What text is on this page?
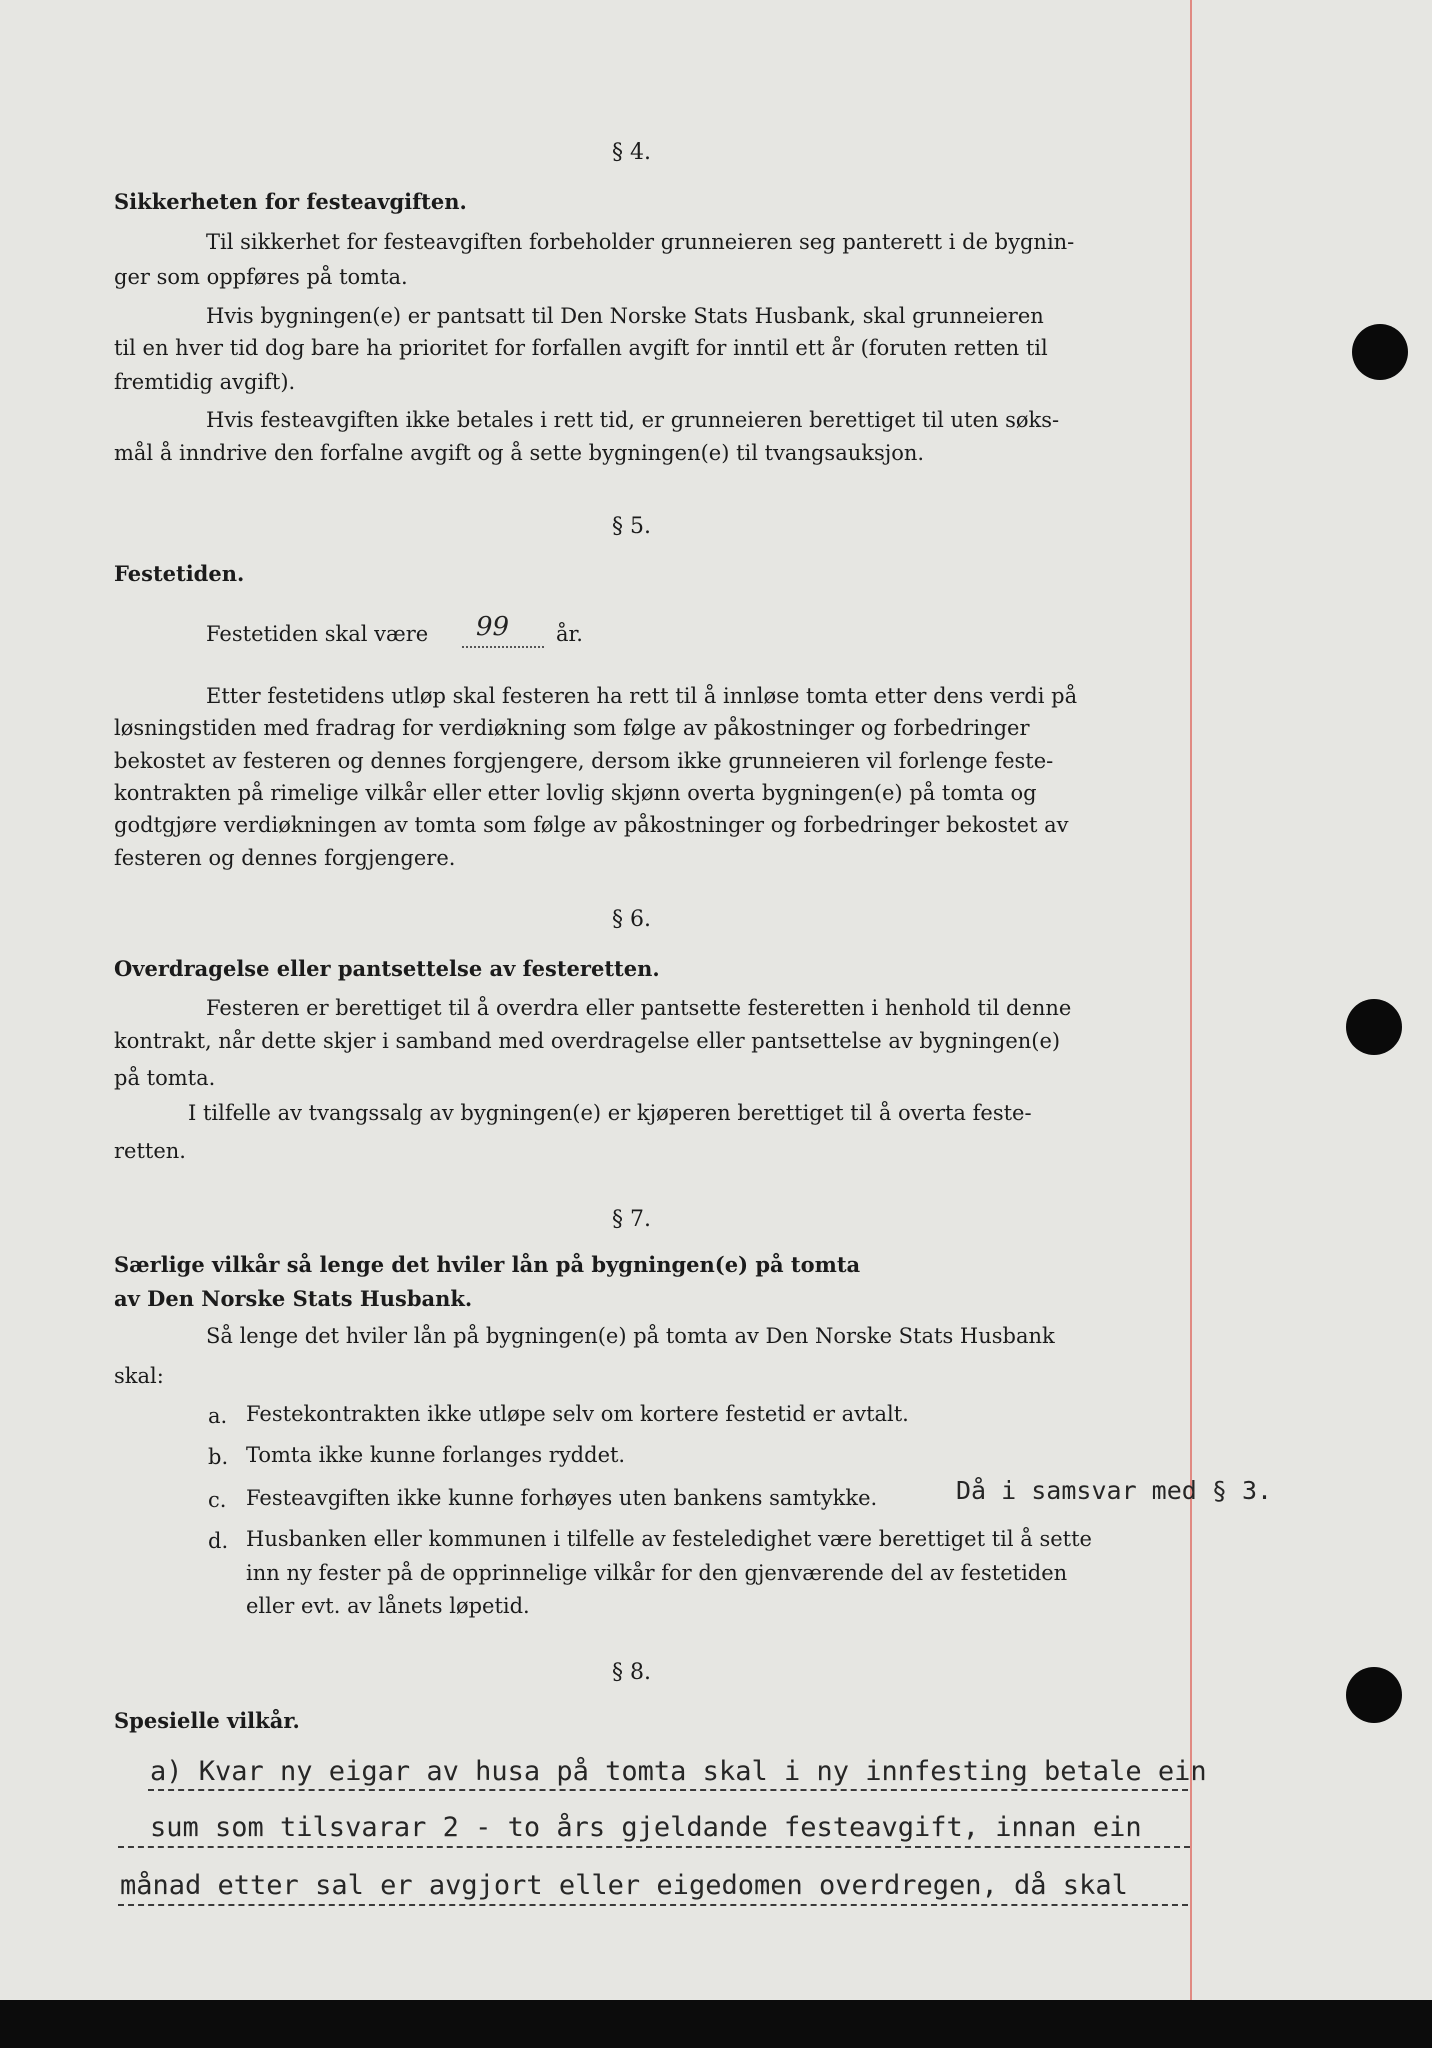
§ 4.
Sikkerheten for festeavgiften.
Til sikkerhet for festeavgiften forbeholder grunneieren seg panterett i de bygnin-
ger som oppføres på tomta.
Hvis bygningen(e) er pantsatt til Den Norske Stats Husbank, skal grunneieren
til en hver tid dog bare ha prioritet for forfallen avgift for inntil ett år (foruten retten til
fremtidig avgift).
Hvis festeavgiften ikke betales i rett tid, er grunneieren berettiget til uten søks-
mål å inndrive den forfalne avgift og å sette bygningen(e) til tvangsauksjon.
§ 5.
Festetiden.
Festetiden skal være 99 år.
Etter festetidens utløp skal festeren ha rett til å innløse tomta etter dens verdi på
løsningstiden med fradrag for verdiøkning som følge av påkostninger og forbedringer
bekostet av festeren og dennes forgjengere, dersom ikke grunneieren vil forlenge feste-
kontrakten på rimelige vilkår eller etter lovlig skjønn overta bygningen(e) på tomta og
godtgjøre verdiøkningen av tomta som følge av påkostninger og forbedringer bekostet av
festeren og dennes forgjengere.
§ 6.
Overdragelse eller pantsettelse av festeretten.
Festeren er berettiget til å overdra eller pantsette festeretten i henhold til denne
kontrakt, når dette skjer i samband med overdragelse eller pantsettelse av bygningen(e)
på tomta.
I tilfelle av tvangssalg av bygningen(e) er kjøperen berettiget til å overta feste-
retten.
§ 7.
Særlige vilkår så lenge det hviler lån på bygningen(e) på tomta
av Den Norske Stats Husbank.
Så lenge det hviler lån på bygningen(e) på tomta av Den Norske Stats Husbank
skal:
a. Festekontrakten ikke utløpe selv om kortere festetid er avtalt.
b. Tomta ikke kunne forlanges ryddet.
c. Festeavgiften ikke kunne forhøyes uten bankens samtykke.	Då i samsvar med § 3.
d. Husbanken eller kommunen i tilfelle av festeledighet være berettiget til å sette
inn ny fester på de opprinnelige vilkår for den gjenværende del av festetiden
eller evt. av lånets løpetid.
§ 8.
Spesielle vilkår.
a) Kvar ny eigar av husa på tomta skal i ny innfesting betale ein
sum som tilsvarar 2 - to års gjeldande festeavgift, innan ein
månad etter sal er avgjort eller eigedomen overdregen, då skal
